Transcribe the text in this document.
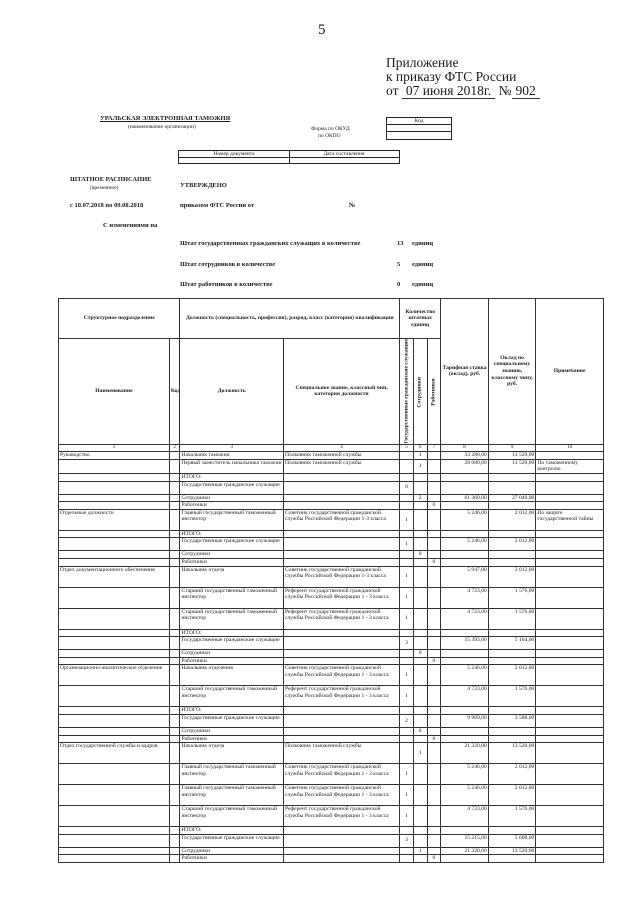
5
Приложение
к приказу ФТС России
от 07 июня 2018г. № 902
УРАЛЬСКАЯ ЭЛЕКТРОННАЯ ТАМОЖНЯ
(наименование организации)	Форма по ОКУД
по ОКПО
Код
Номер документа	Дата составления
ШТАТНОЕ РАСПИСАНИЕ
(временное)	УТВЕРЖДЕНО
с 10.07.2018 по 09.08.2018	приказом ФТС России от	№
С изменениями на
Штат государственных гражданских служащих в количестве	13 единиц
Штат сотрудников в количестве	5 единиц
Штат работников в количестве	0 единиц
Структурное подразделение		Должность (специальность, профессия), разряд, класс (категория) квалификации		Количество штатных единиц			Тарифная ставка (оклад), руб.	Оклад по специальному званию, классному чину, руб.	Примечание
Наименование	Код	Должность	Специальное звание, классный чин, категория должности	Государственные гражданские служащие	Сотрудники	Работники			
1	2	3	4	5	6	7	8	9	10
Руководство		Начальник таможни	Полковник таможенной службы		1		33 280,00	13 520,00	
		Первый заместитель начальника таможни	Полковник таможенной службы		1		28 080,00	13 520,00	По таможенному контролю
		ИТОГО:							
		Государственные гражданские служащие		0					
		Сотрудники			2		61 360,00	27 040,00	
		Работники				0			
Отдельные должности		Главный государственный таможенный инспектор	Советник государственной гражданской службы Российской Федерации 1-3 класса	1			5 246,00	2 012,00	По защите государственной тайны
		ИТОГО:							
		Государственные гражданские служащие		1			5 246,00	2 012,00	
		Сотрудники			0				
		Работники				0			
Отдел документационного обеспечения		Начальник отдела	Советник государственной гражданской службы Российской Федерации 1-3 класса	1			5 947,00	2 012,00	
		Старший государственный таможенный инспектор	Референт государственной гражданской службы Российской Федерации 1 - 3 класса	1			4 723,00	1 576,00	
		Старший государственный таможенный инспектор	Референт государственной гражданской службы Российской Федерации 1 - 3 класса	1			4 723,00	1 576,00	
		ИТОГО:							
		Государственные гражданские служащие		3			15 393,00	5 164,00	
		Сотрудники			0				
		Работники				0			
Организационно-аналитическое отделение		Начальник отделения	Советник государственной гражданской службы Российской Федерации 1 - 3 класса	1			5 246,00	2 012,00	
		Старший государственный таможенный инспектор	Референт государственной гражданской службы Российской Федерации 1 - 3 класса	1			4 723,00	1 576,00	
		ИТОГО:							
		Государственные гражданские служащие		2			9 969,00	3 588,00	
		Сотрудники			0				
		Работники				0			
Отдел государственной службы и кадров		Начальник отдела	Полковник таможенной службы		1		21 320,00	13 520,00	
		Главный государственный таможенный инспектор	Советник государственной гражданской службы Российской Федерации 1 - 3 класса	1			5 246,00	2 012,00	
		Главный государственный таможенный инспектор	Советник государственной гражданской службы Российской Федерации 1 - 3 класса	1			5 246,00	2 012,00	
		Старший государственный таможенный инспектор	Референт государственной гражданской службы Российской Федерации 1 - 3 класса	1			4 723,00	1 576,00	
		ИТОГО:							
		Государственные гражданские служащие		3			15 215,00	5 600,00	
		Сотрудники			1		21 320,00	13 520,00	
		Работники				0			
